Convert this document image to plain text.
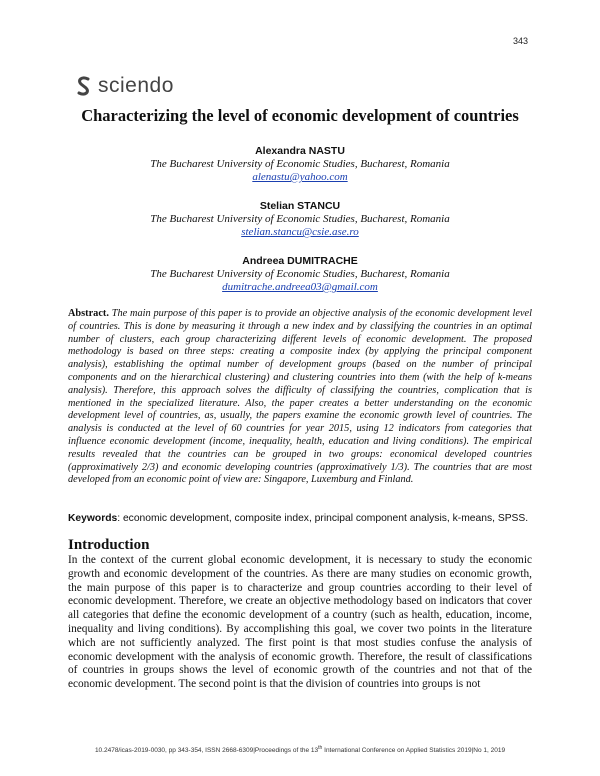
343
sciendo
Characterizing the level of economic development of countries
Alexandra NASTU
The Bucharest University of Economic Studies, Bucharest, Romania
alenastu@yahoo.com
Stelian STANCU
The Bucharest University of Economic Studies, Bucharest, Romania
stelian.stancu@csie.ase.ro
Andreea DUMITRACHE
The Bucharest University of Economic Studies, Bucharest, Romania
dumitrache.andreea03@gmail.com
Abstract. The main purpose of this paper is to provide an objective analysis of the economic development level of countries. This is done by measuring it through a new index and by classifying the countries in an optimal number of clusters, each group characterizing different levels of economic development. The proposed methodology is based on three steps: creating a composite index (by applying the principal component analysis), establishing the optimal number of development groups (based on the number of principal components and on the hierarchical clustering) and clustering countries into them (with the help of k-means analysis). Therefore, this approach solves the difficulty of classifying the countries, complication that is mentioned in the specialized literature. Also, the paper creates a better understanding on the economic development level of countries, as, usually, the papers examine the economic growth level of countries. The analysis is conducted at the level of 60 countries for year 2015, using 12 indicators from categories that influence economic development (income, inequality, health, education and living conditions). The empirical results revealed that the countries can be grouped in two groups: economical developed countries (approximatively 2/3) and economic developing countries (approximatively 1/3). The countries that are most developed from an economic point of view are: Singapore, Luxemburg and Finland.
Keywords: economic development, composite index, principal component analysis, k-means, SPSS.
Introduction
In the context of the current global economic development, it is necessary to study the economic growth and economic development of the countries. As there are many studies on economic growth, the main purpose of this paper is to characterize and group countries according to their level of economic development. Therefore, we create an objective methodology based on indicators that cover all categories that define the economic development of a country (such as health, education, income, inequality and living conditions). By accomplishing this goal, we cover two points in the literature which are not sufficiently analyzed. The first point is that most studies confuse the analysis of economic development with the analysis of economic growth. Therefore, the result of classifications of countries in groups shows the level of economic growth of the countries and not that of the economic development. The second point is that the division of countries into groups is not
10.2478/icas-2019-0030, pp 343-354, ISSN 2668-6309|Proceedings of the 13th International Conference on Applied Statistics 2019|No 1, 2019
